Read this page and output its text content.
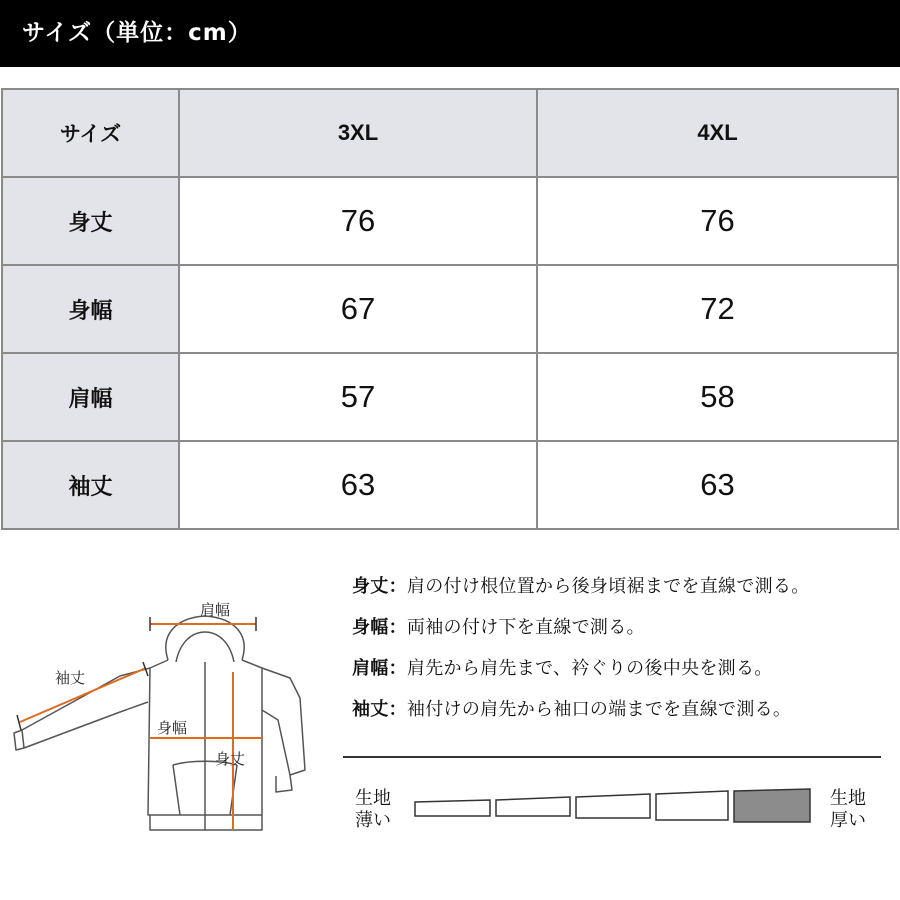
サイズ（単位：cm）
サイズ	3XL	4XL
身丈	76	76
身幅	67	72
肩幅	57	58
袖丈	63	63
肩幅
袖丈
身幅
身丈
身丈：肩の付け根位置から後身頃裾までを直線で測る。
身幅：両袖の付け下を直線で測る。
肩幅：肩先から肩先まで、衿ぐりの後中央を測る。
袖丈：袖付けの肩先から袖口の端までを直線で測る。
生地
薄い
生地
厚い
